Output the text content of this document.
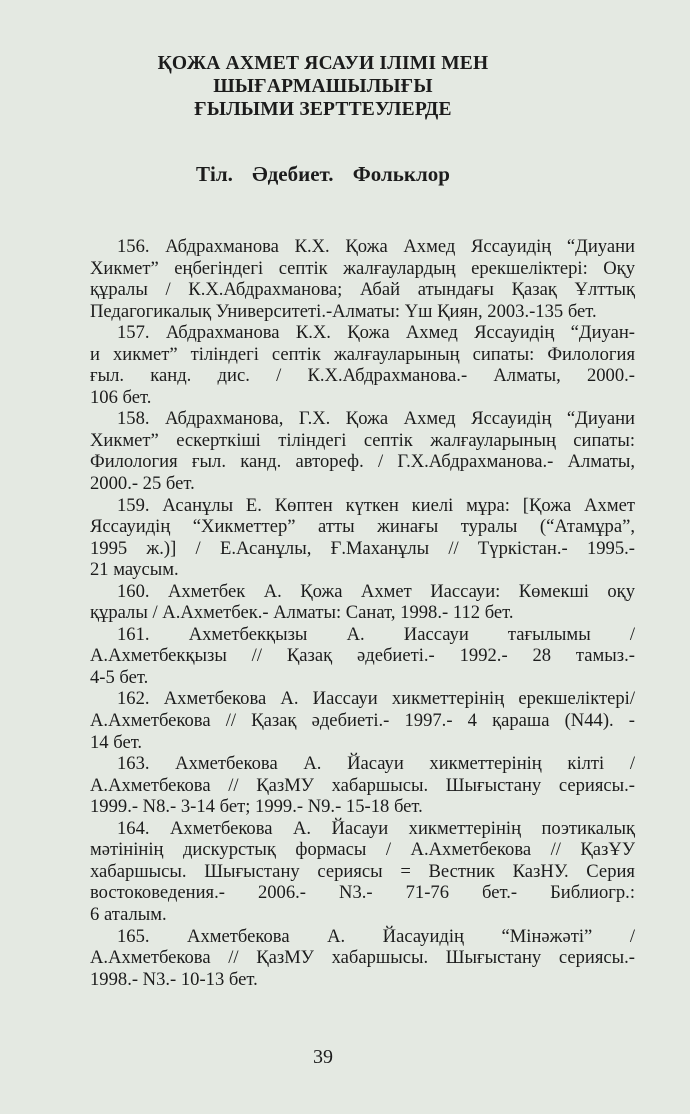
ҚОЖА АХМЕТ ЯСАУИ ІЛІМІ МЕН
ШЫҒАРМАШЫЛЫҒЫ
ҒЫЛЫМИ ЗЕРТТЕУЛЕРДЕ
Тіл. Әдебиет. Фольклор
156. Абдрахманова К.Х. Қожа Ахмед Яссауидің “Диуани
Хикмет” еңбегіндегі септік жалғаулардың ерекшеліктері: Оқу
құралы / К.Х.Абдрахманова; Абай атындағы Қазақ Ұлттық
Педагогикалық Университеті.-Алматы: Үш Қиян, 2003.-135 бет.
157. Абдрахманова К.Х. Қожа Ахмед Яссауидің “Диуан-
и хикмет” тіліндегі септік жалғауларының сипаты: Филология
ғыл. канд. дис. / К.Х.Абдрахманова.- Алматы, 2000.-
106 бет.
158. Абдрахманова, Г.Х. Қожа Ахмед Яссауидің “Диуани
Хикмет” ескерткіші тіліндегі септік жалғауларының сипаты:
Филология ғыл. канд. автореф. / Г.Х.Абдрахманова.- Алматы,
2000.- 25 бет.
159. Асанұлы Е. Көптен күткен киелі мұра: [Қожа Ахмет
Яссауидің “Хикметтер” атты жинағы туралы (“Атамұра”,
1995 ж.)] / Е.Асанұлы, Ғ.Маханұлы // Түркістан.- 1995.-
21 маусым.
160. Ахметбек А. Қожа Ахмет Иассауи: Көмекші оқу
құралы / А.Ахметбек.- Алматы: Санат, 1998.- 112 бет.
161. Ахметбекқызы А. Иассауи тағылымы /
А.Ахметбекқызы // Қазақ әдебиеті.- 1992.- 28 тамыз.-
4-5 бет.
162. Ахметбекова А. Иассауи хикметтерінің ерекшеліктері/
А.Ахметбекова // Қазақ әдебиеті.- 1997.- 4 қараша (N44). -
14 бет.
163. Ахметбекова А. Йасауи хикметтерінің кілті /
А.Ахметбекова // ҚазМУ хабаршысы. Шығыстану сериясы.-
1999.- N8.- 3-14 бет; 1999.- N9.- 15-18 бет.
164. Ахметбекова А. Йасауи хикметтерінің поэтикалық
мәтінінің дискурстық формасы / А.Ахметбекова // ҚазҰУ
хабаршысы. Шығыстану сериясы = Вестник КазНУ. Серия
востоковедения.- 2006.- N3.- 71-76 бет.- Библиогр.:
6 аталым.
165. Ахметбекова А. Йасауидің “Мінәжәті” /
А.Ахметбекова // ҚазМУ хабаршысы. Шығыстану сериясы.-
1998.- N3.- 10-13 бет.
39
